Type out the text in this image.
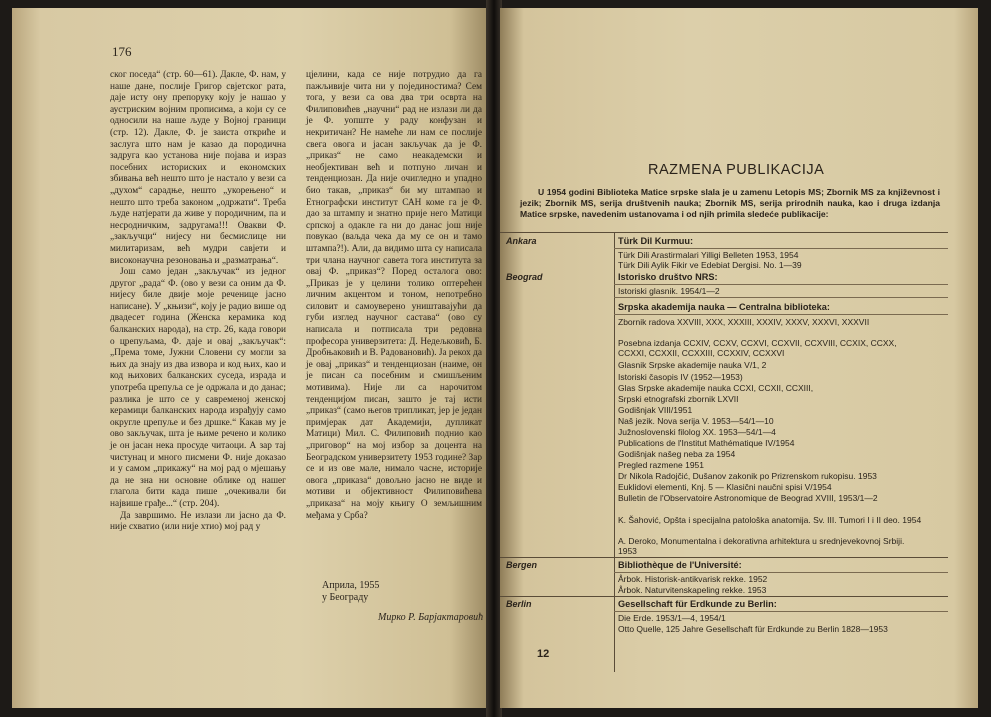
176

ског поседа“ (стр. 60—61). Дакле, Ф. нам, у наше дане, послије Григор свјетског рата, даје исту ону препоруку коју је нашао у аустриским војним прописима, а који су се односили на наше људе у Војној граници (стр. 12). Дакле, Ф. је заиста откриће и заслуга што нам је казао да породична задруга као установа није појава и израз посебних историских и економских збивања већ нешто што је настало у вези са „духом“ сарадње, нешто „укорењено“ и нешто што треба законом „одржати“. Треба људе натјерати да живе у породичним, па и несродничким, задругама!!! Овакви Ф. „закључци“ нијесу ни бесмислице ни милитаризам, већ мудри савјети и високонаучна резоновања и „разматрања“.

Још само један „закључак“ из једног другог „рада“ Ф. (ово у вези са оним да Ф. нијесу биле двије моје реченице јасно написане). У „књизи“, коју је радио више од двадесет година (Женска керамика код балканских народа), на стр. 26, када говори о црепуљама, Ф. даје и овај „закључак“: „Према томе, Јужни Словени су могли за њих да знају из два извора и код њих, као и код њихових балканских суседа, израда и употреба црепуља се је одржала и до данас; разлика је што се у савременој женској керамици балканских народа израђују само округле црепуље и без дршке.“ Какав му је ово закључак, шта је њиме речено и колико је он јасан нека просуде читаоци. А зар тај чистунац и много писмени Ф. није доказао и у самом „прикажу“ на мој рад о мјешању да не зна ни основне облике од нашег глагола бити када пише „очекивали би највише грађе...“ (стр. 204).

Да завршимо. Не излази ли јасно да Ф. није схватио (или није хтио) мој рад у

цјелини, када се није потрудио да га пажљивије чита ни у појединостима? Сем тога, у вези са ова два три осврта на Филиповићев „научни“ рад не излази ли да је Ф. уопште у раду конфузан и некритичан? Не намеће ли нам се послије свега овога и јасан закључак да је Ф. „приказ“ не само неакадемски и необјективан већ и потпуно личан и тенденциозан. Да није очигледно и упадно био такав, „приказ“ би му штампао и Етнографски институт САН коме га је Ф. дао за штампу и знатно прије него Матици српској а одакле га ни до данас још није повукао (ваљда чека да му се он и тамо штампа?!). Али, да видимо шта су написала три члана научног савета тога института за овај Ф. „приказ“? Поред осталога ово: „Приказ је у целини толико оптерећен личним акцентом и тоном, непотребно силовит и самоуверено уништавајући да губи изглед научног саставa“ (ово су написала и потписала три редовна професора универзитета: Д. Недељковић, Б. Дробњаковић и В. Радовановић). Ја рекох да је овај „приказ“ и тенденциозан (наиме, он је писан са посебним и смишљеним мотивима). Није ли са нарочитом тенденцијом писан, зашто је тај исти „приказ“ (само његов трипликат, јер је један примјерак дат Академији, дупликат Матици) Мил. С. Филиповић поднио као „приговор“ на мој избор за доцента на Београдском универзитету 1953 године? Зар се и из ове мале, нимало часне, историје овога „приказа“ довољно јасно не виде и мотиви и објективност Филиповићевa „приказа“ на моју књигу О земљишним међама у Срба?

RAZMENA PUBLIKACIJA
U 1954 godini Biblioteka Matice srpske slala je u zamenu Letopis MS; Zbornik MS za književnost i jezik; Zbornik MS, serija društvenih nauka; Zbornik MS, serija prirodnih nauka, kao i druga izdanja Matice srpske, navedenim ustanovama i od njih primila sledeće publikacije:
Ankara	Türk Dil Kurmuu:
Türk Dili Arastirmalari Yilligi Belleten 1953, 1954
Türk Dili Aylik Fikir ve Edebiat Dergisi. No. 1—39
Beograd	Istorisko društvo NRS:
Istoriski glasnik. 1954/1—2
Srpska akademija nauka — Centralna biblioteka:
Zbornik radova XXVIII, XXX, XXXIII, XXXIV, XXXV, XXXVI, XXXVII
Posebna izdanja CCXIV, CCXV, CCXVI, CCXVII, CCXVIII, CCXIX, CCXX, CCXXI, CCXXII, CCXXIII, CCXXIV, CCXXVI
Glasnik Srpske akademije nauka V/1, 2
Istoriski časopis IV (1952—1953)
Glas Srpske akademije nauka CCXI, CCXII, CCXIII,
Srpski etnografski zbornik LXVII
Godišnjak VIII/1951
Naš jezik. Nova serija V. 1953—54/1—10
Južnoslovenski filolog XX. 1953—54/1—4
Publications de l'Institut Mathématique IV/1954
Godišnjak našeg neba za 1954
Pregled razmene 1951
Dr Nikola Radojčić, Dušanov zakonik po Prizrenskom rukopisu. 1953
Euklidovi elementi, Knj. 5 — Klasični naučni spisi V/1954
Bulletin de l'Observatoire Astronomique de Beograd XVIII, 1953/1—2
K. Šahović, Opšta i specijalna patološka anatomija. Sv. III. Tumori I i II deo. 1954
A. Deroko, Monumentalna i dekorativna arhitektura u srednjevekovnoj Srbiji. 1953
Bergen	Bibliothèque de l'Université:
Årbok. Historisk-antikvarisk rekke. 1952
Årbok. Naturvitenskapeling rekke. 1953
Berlin	Gesellschaft für Erdkunde zu Berlin:
Die Erde. 1953/1—4, 1954/1
Otto Quelle, 125 Jahre Gesellschaft für Erdkunde zu Berlin 1828—1953
12
Априла, 1955
у Београду
Мирко Р. Барјактаровић
